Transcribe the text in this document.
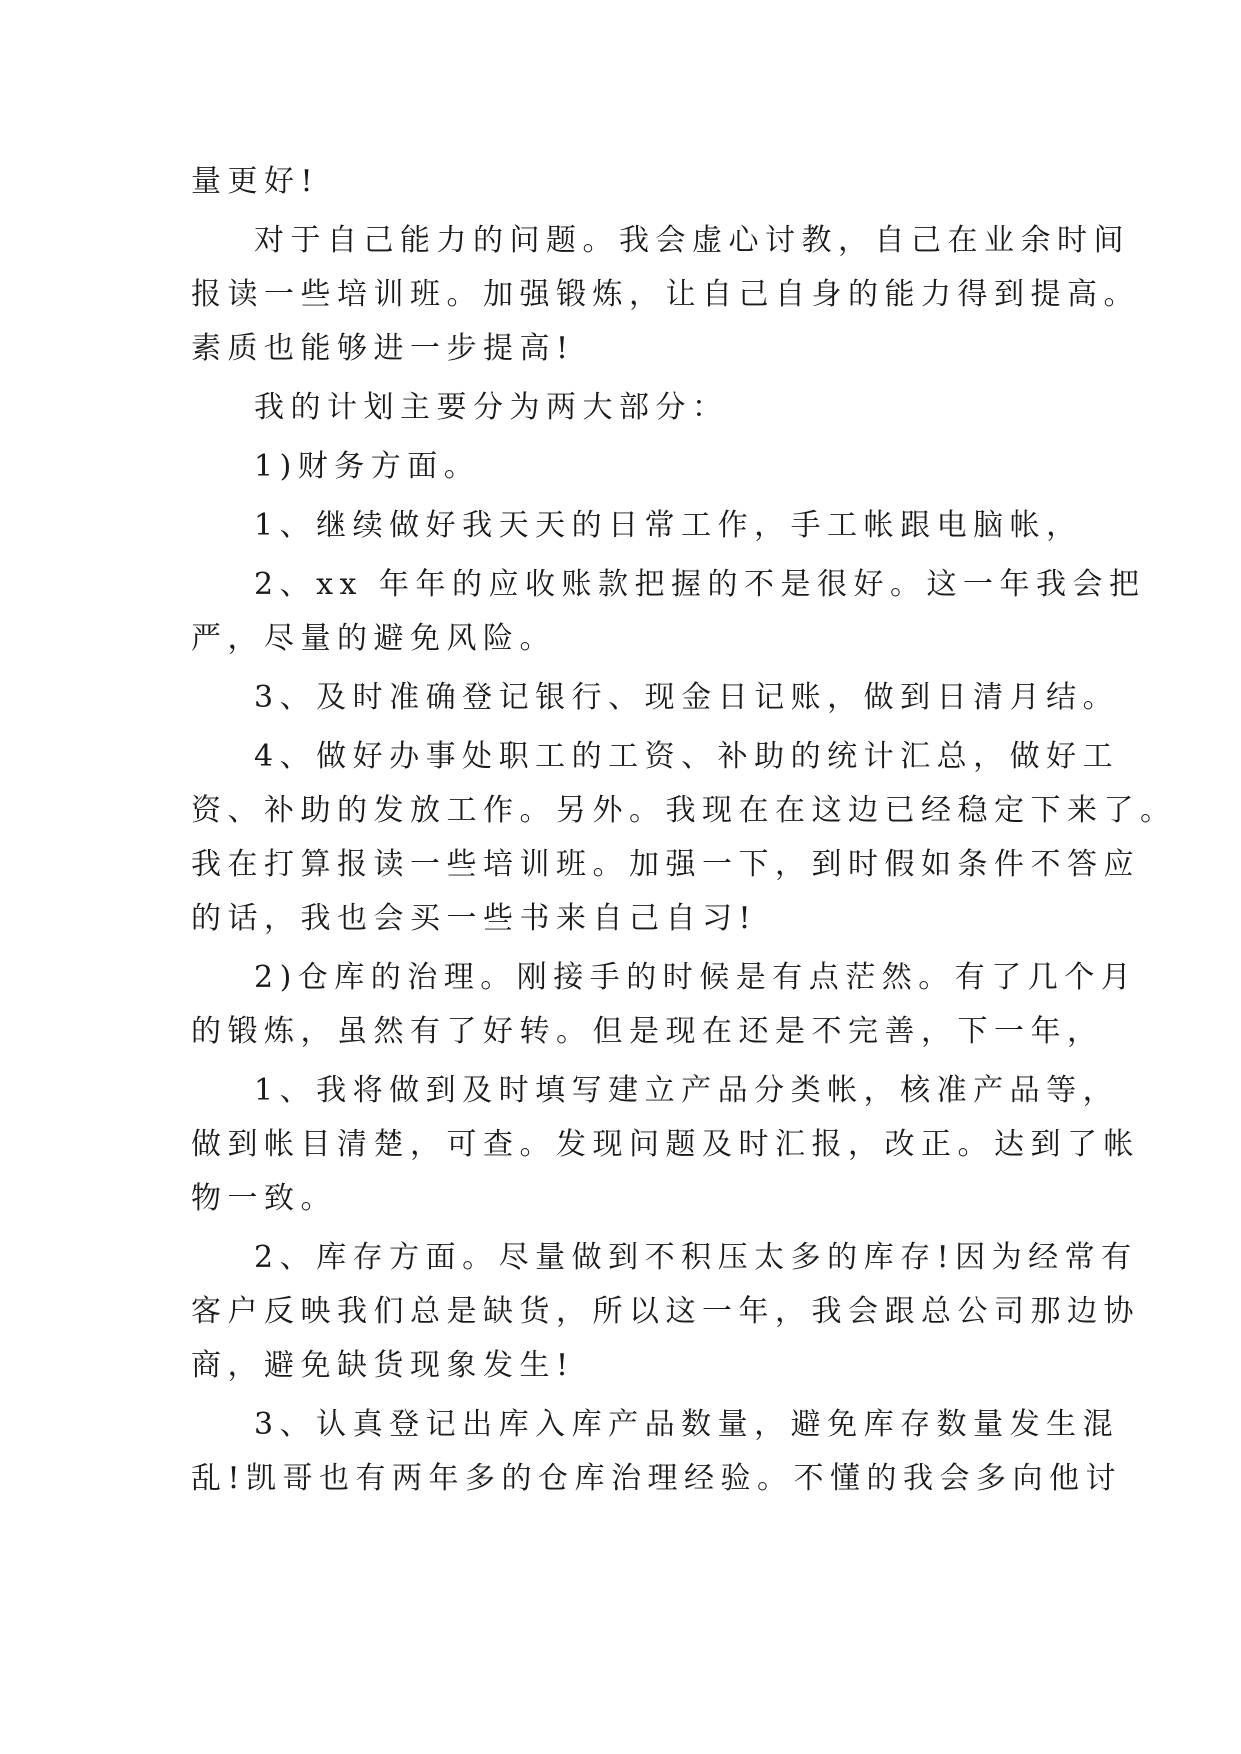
量更好!
对于自己能力的问题。我会虚心讨教，自己在业余时间
报读一些培训班。加强锻炼，让自己自身的能力得到提高。
素质也能够进一步提高!
我的计划主要分为两大部分：
1)财务方面。
1、继续做好我天天的日常工作，手工帐跟电脑帐，
2、xx 年年的应收账款把握的不是很好。这一年我会把
严，尽量的避免风险。
3、及时准确登记银行、现金日记账，做到日清月结。
4、做好办事处职工的工资、补助的统计汇总，做好工
资、补助的发放工作。另外。我现在在这边已经稳定下来了。
我在打算报读一些培训班。加强一下，到时假如条件不答应
的话，我也会买一些书来自己自习!
2)仓库的治理。刚接手的时候是有点茫然。有了几个月
的锻炼，虽然有了好转。但是现在还是不完善，下一年，
1、我将做到及时填写建立产品分类帐，核准产品等，
做到帐目清楚，可查。发现问题及时汇报，改正。达到了帐
物一致。
2、库存方面。尽量做到不积压太多的库存!因为经常有
客户反映我们总是缺货，所以这一年，我会跟总公司那边协
商，避免缺货现象发生!
3、认真登记出库入库产品数量，避免库存数量发生混
乱!凯哥也有两年多的仓库治理经验。不懂的我会多向他讨
